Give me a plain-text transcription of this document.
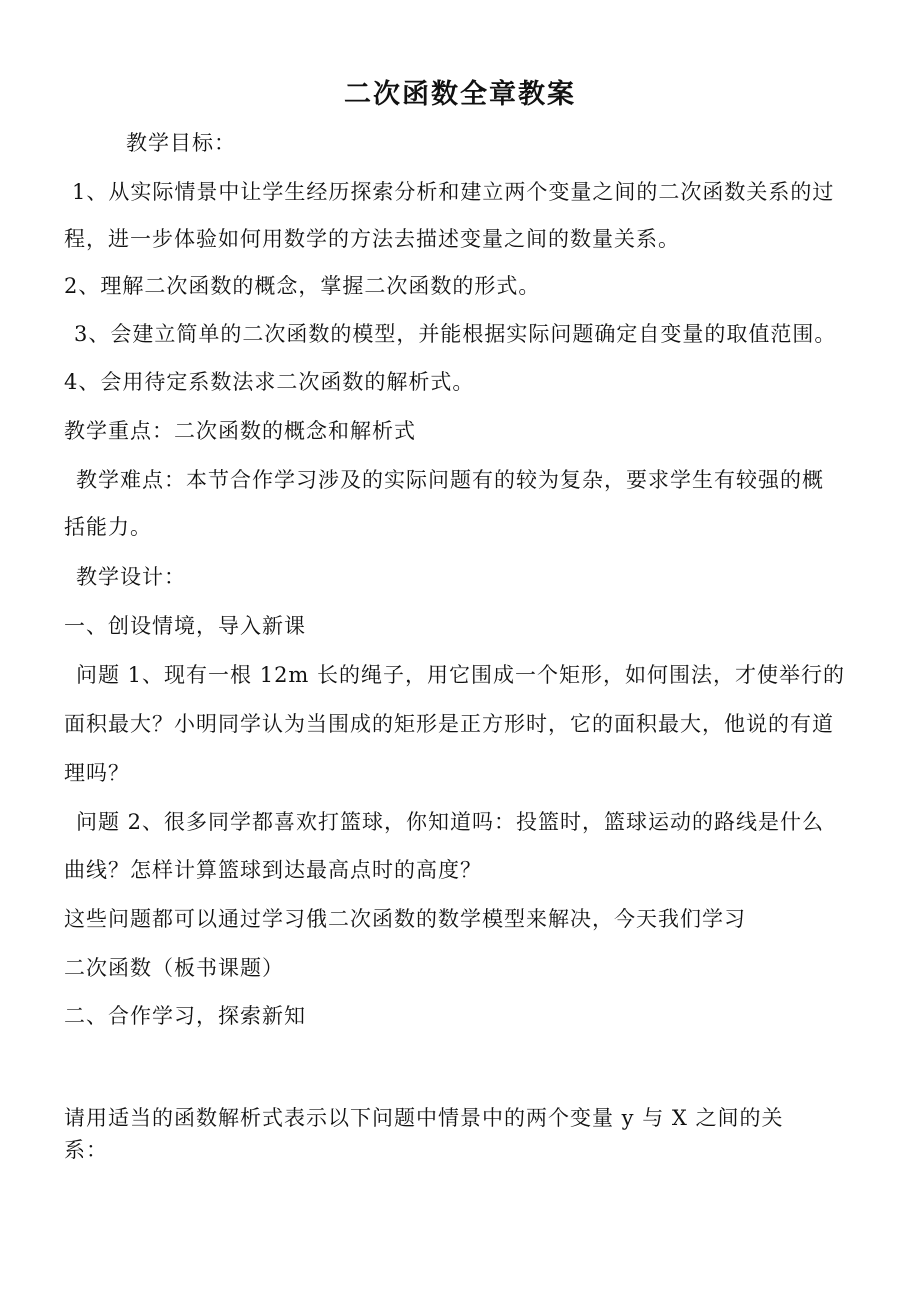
二次函数全章教案
教学目标：
1、从实际情景中让学生经历探索分析和建立两个变量之间的二次函数关系的过
程，进一步体验如何用数学的方法去描述变量之间的数量关系。
2、理解二次函数的概念，掌握二次函数的形式。
3、会建立简单的二次函数的模型，并能根据实际问题确定自变量的取值范围。
4、会用待定系数法求二次函数的解析式。
教学重点：二次函数的概念和解析式
教学难点：本节合作学习涉及的实际问题有的较为复杂，要求学生有较强的概
括能力。
教学设计：
一、创设情境，导入新课
问题 1、现有一根 12m 长的绳子，用它围成一个矩形，如何围法，才使举行的
面积最大？小明同学认为当围成的矩形是正方形时，它的面积最大，他说的有道
理吗？
问题 2、很多同学都喜欢打篮球，你知道吗：投篮时，篮球运动的路线是什么
曲线？怎样计算篮球到达最高点时的高度？
这些问题都可以通过学习俄二次函数的数学模型来解决，今天我们学习
二次函数（板书课题）
二、合作学习，探索新知
请用适当的函数解析式表示以下问题中情景中的两个变量 y 与 X 之间的关
系：
